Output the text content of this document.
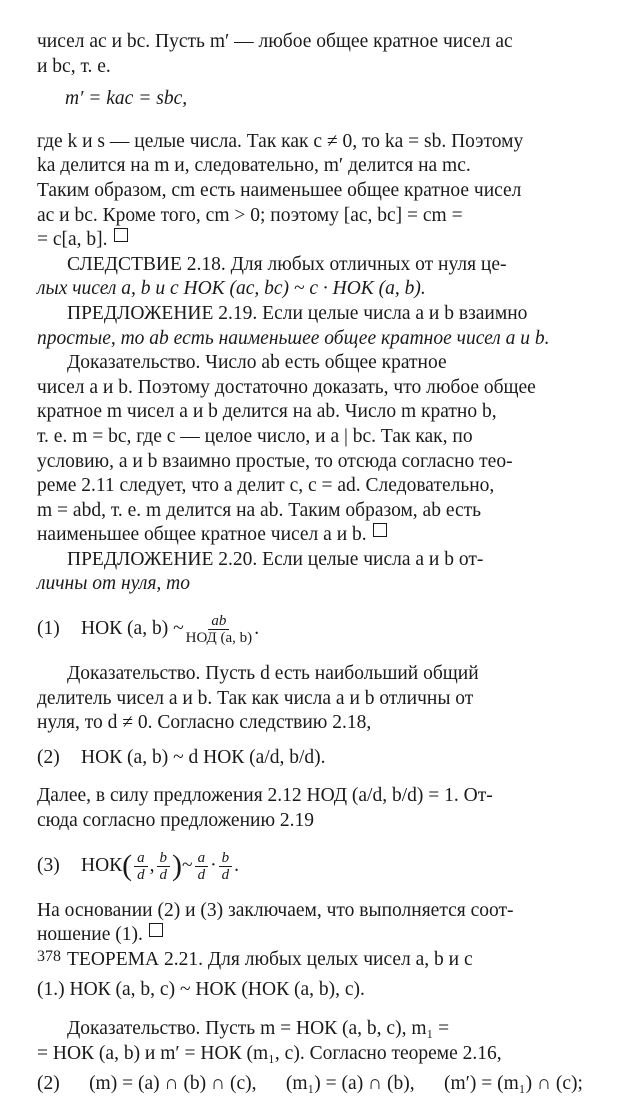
чисел ac и bc. Пусть m′ — любое общее кратное чисел ac
и bc, т. е.
m′ = kac = sbc,
где k и s — целые числа. Так как c ≠ 0, то ka = sb. Поэтому
ka делится на m и, следовательно, m′ делится на mc.
Таким образом, cm есть наименьшее общее кратное чисел
ac и bc. Кроме того, cm > 0; поэтому [ac, bc] = cm =
= c[a, b].
СЛЕДСТВИЕ 2.18. Для любых отличных от нуля це-
лых чисел a, b и c НОК (ac, bc) ~ c · НОК (a, b).
ПРЕДЛОЖЕНИЕ 2.19. Если целые числа a и b взаимно
простые, то ab есть наименьшее общее кратное чисел a и b.
Доказательство. Число ab есть общее кратное
чисел a и b. Поэтому достаточно доказать, что любое общее
кратное m чисел a и b делится на ab. Число m кратно b,
т. е. m = bc, где c — целое число, и a | bc. Так как, по
условию, a и b взаимно простые, то отсюда согласно тео-
реме 2.11 следует, что a делит c, c = ad. Следовательно,
m = abd, т. е. m делится на ab. Таким образом, ab есть
наименьшее общее кратное чисел a и b.
ПРЕДЛОЖЕНИЕ 2.20. Если целые числа a и b от-
личны от нуля, то
(1)	НОК (a, b) ~ $\frac{ab}{\text{НОД (a, b)}}$ .
Доказательство. Пусть d есть наибольший общий
делитель чисел a и b. Так как числа a и b отличны от
нуля, то d ≠ 0. Согласно следствию 2.18,
(2)	НОК (a, b) ~ d НОК (a/d, b/d).
Далее, в силу предложения 2.12 НОД (a/d, b/d) = 1. От-
сюда согласно предложению 2.19
(3)	НОК ( $\frac{a}{d}$ , $\frac{b}{d}$ ) ~ $\frac{a}{d} \cdot \frac{b}{d}$ .
На основании (2) и (3) заключаем, что выполняется соот-
ношение (1).
ТЕОРЕМА 2.21. Для любых целых чисел a, b и c
(1.) НОК (a, b, c) ~ НОК (НОК (a, b), c).
Доказательство. Пусть m = НОК (a, b, c), m₁ =
= НОК (a, b) и m′ = НОК (m₁, c). Согласно теореме 2.16,
(2) (m) = (a) ∩ (b) ∩ (c), (m₁) = (a) ∩ (b), (m′) = (m₁) ∩ (c);
378
